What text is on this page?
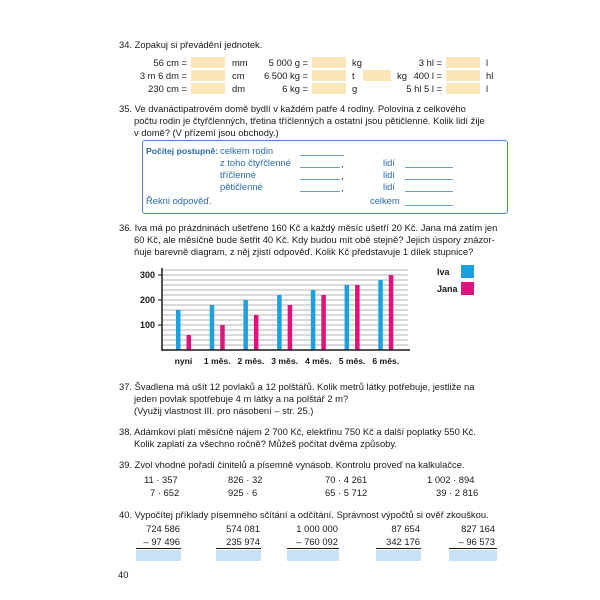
34. Zopakuj si převádění jednotek.
56 cm =	mm 5 000 g =	kg	3 hl =	l
3 m 6 dm =	cm 6 500 kg =	t	kg 400 l =	hl
230 cm =	dm	6 kg =	g	5 hl 5 l =	l
35. Ve dvanáctipatrovém domě bydlí v každém patře 4 rodiny. Polovina z celkového
počtu rodin je čtyřčlenných, třetina tříčlenných a ostatní jsou pětičlenné. Kolik lidí žije
v domě? (V přízemí jsou obchody.)
Počítej postupně: celkem rodin
z toho čtyřčlenné	,	lidí
tříčlenné	,	lidí
pětičlenné	,	lidí
Řekni odpověď.	celkem
36. Iva má po prázdninách ušetřeno 160 Kč a každý měsíc ušetří 20 Kč. Jana má zatím jen
60 Kč, ale měsíčně bude šetřit 40 Kč. Kdy budou mít obě stejně? Jejich úspory znázor-
ňuje barevně diagram, z něj zjistí odpověď. Kolik Kč představuje 1 dílek stupnice?
100
200
300
nyní 1 měs. 2 měs. 3 měs. 4 měs. 5 měs. 6 měs.
Iva
Jana
37. Švadlena má ušít 12 povlaků a 12 polštářů. Kolik metrů látky potřebuje, jestliže na
jeden povlak spotřebuje 4 m látky a na polštář 2 m?
(Využij vlastnost III. pro násobení – str. 25.)
38. Adámkovi platí měsíčně nájem 2 700 Kč, elektřinu 750 Kč a další poplatky 550 Kč.
Kolik zaplatí za všechno ročně? Můžeš počítat dvěma způsoby.
39. Zvol vhodné pořadí činitelů a písemně vynásob. Kontrolu proveď na kalkulačce.
11 · 357	826 · 32	70 · 4 261	1 002 · 894
7 · 652	925 · 6	65 · 5 712	39 · 2 816
40. Vypočítej příklady písemného sčítání a odčítání. Správnost výpočtů si ověř zkouškou.
724 586	574 081	1 000 000	87 654	827 164
– 97 496	235 974	– 760 092	342 176	– 96 573
40
